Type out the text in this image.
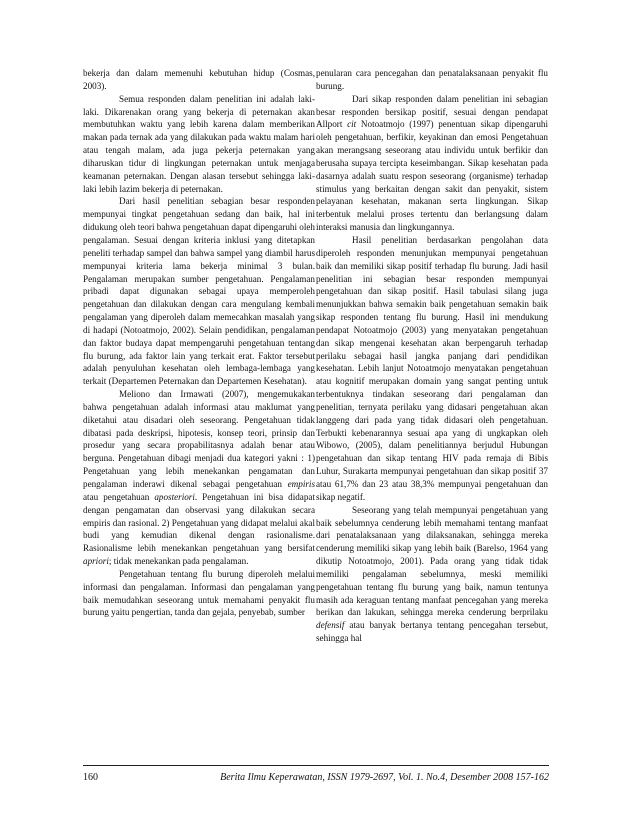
bekerja dan dalam memenuhi kebutuhan hidup (Cosmas, 2003).

Semua responden dalam penelitian ini adalah laki-laki. Dikarenakan orang yang bekerja di peternakan akan membutuhkan waktu yang lebih karena dalam memberikan makan pada ternak ada yang dilakukan pada waktu malam hari atau tengah malam, ada juga pekerja peternakan yang diharuskan tidur di lingkungan peternakan untuk menjaga keamanan peternakan. Dengan alasan tersebut sehingga laki-laki lebih lazim bekerja di peternakan.

Dari hasil penelitian sebagian besar responden mempunyai tingkat pengetahuan sedang dan baik, hal ini didukung oleh teori bahwa pengetahuan dapat dipengaruhi oleh pengalaman. Sesuai dengan kriteria inklusi yang ditetapkan peneliti terhadap sampel dan bahwa sampel yang diambil harus mempunyai kriteria lama bekerja minimal 3 bulan. Pengalaman merupakan sumber pengetahuan. Pengalaman pribadi dapat digunakan sebagai upaya memperoleh pengetahuan dan dilakukan dengan cara mengulang kembali pengalaman yang diperoleh dalam memecahkan masalah yang di hadapi (Notoatmojo, 2002). Selain pendidikan, pengalaman dan faktor budaya dapat mempengaruhi pengetahuan tentang flu burung, ada faktor lain yang terkait erat. Faktor tersebut adalah penyuluhan kesehatan oleh lembaga-lembaga yang terkait (Departemen Peternakan dan Departemen Kesehatan).

Meliono dan Irmawati (2007), mengemukakan bahwa pengetahuan adalah informasi atau maklumat yang diketahui atau disadari oleh seseorang. Pengetahuan tidak dibatasi pada deskripsi, hipotesis, konsep teori, prinsip dan prosedur yang secara propabilitasnya adalah benar atau berguna. Pengetahuan dibagi menjadi dua kategori yakni : 1) Pengetahuan yang lebih menekankan pengamatan dan pengalaman inderawi dikenal sebagai pengetahuan empiris atau pengetahuan aposteriori. Pengetahuan ini bisa didapat dengan pengamatan dan observasi yang dilakukan secara empiris dan rasional. 2) Pengetahuan yang didapat melalui akal budi yang kemudian dikenal dengan rasionalisme. Rasionalisme lebih menekankan pengetahuan yang bersifat apriori; tidak menekankan pada pengalaman.

Pengetahuan tentang flu burung diperoleh melalui informasi dan pengalaman. Informasi dan pengalaman yang baik memudahkan seseorang untuk memahami penyakit flu burung yaitu pengertian, tanda dan gejala, penyebab, sumber

penularan cara pencegahan dan penatalaksanaan penyakit flu burung.

Dari sikap responden dalam penelitian ini sebagian besar responden bersikap positif, sesuai dengan pendapat Allport cit Notoatmojo (1997) penentuan sikap dipengaruhi oleh pengetahuan, berfikir, keyakinan dan emosi Pengetahuan akan merangsang seseorang atau individu untuk berfikir dan berusaha supaya tercipta keseimbangan. Sikap kesehatan pada dasarnya adalah suatu respon seseorang (organisme) terhadap stimulus yang berkaitan dengan sakit dan penyakit, sistem pelayanan kesehatan, makanan serta lingkungan. Sikap terbentuk melalui proses tertentu dan berlangsung dalam interaksi manusia dan lingkungannya.

Hasil penelitian berdasarkan pengolahan data diperoleh responden menunjukan mempunyai pengetahuan baik dan memiliki sikap positif terhadap flu burung. Jadi hasil penelitian ini sebagian besar responden mempunyai pengetahuan dan sikap positif. Hasil tabulasi silang juga menunjukkan bahwa semakin baik pengetahuan semakin baik sikap responden tentang flu burung. Hasil ini mendukung pendapat Notoatmojo (2003) yang menyatakan pengetahuan dan sikap mengenai kesehatan akan berpengaruh terhadap perilaku sebagai hasil jangka panjang dari pendidikan kesehatan. Lebih lanjut Notoatmojo menyatakan pengetahuan atau kognitif merupakan domain yang sangat penting untuk terbentuknya tindakan seseorang dari pengalaman dan penelitian, ternyata perilaku yang didasari pengetahuan akan langgeng dari pada yang tidak didasari oleh pengetahuan. Terbukti kebenarannya sesuai apa yang di ungkapkan oleh Wibowo, (2005), dalam penelitiannya berjudul Hubungan pengetahuan dan sikap tentang HIV pada remaja di Bibis Luhur, Surakarta mempunyai pengetahuan dan sikap positif 37 atau 61,7% dan 23 atau 38,3% mempunyai pengetahuan dan sikap negatif.

Seseorang yang telah mempunyai pengetahuan yang baik sebelumnya cenderung lebih memahami tentang manfaat dari penatalaksanaan yang dilaksanakan, sehingga mereka cenderung memiliki sikap yang lebih baik (Barelso, 1964 yang dikutip Notoatmojo, 2001). Pada orang yang tidak tidak memiliki pengalaman sebelumnya, meski memiliki pengetahuan tentang flu burung yang baik, namun tentunya masih ada keraguan tentang manfaat pencegahan yang mereka berikan dan lakukan, sehingga mereka cenderung berprilaku defensif atau banyak bertanya tentang pencegahan tersebut, sehingga hal

160	Berita Ilmu Keperawatan, ISSN 1979-2697, Vol. 1. No.4, Desember 2008 157-162
